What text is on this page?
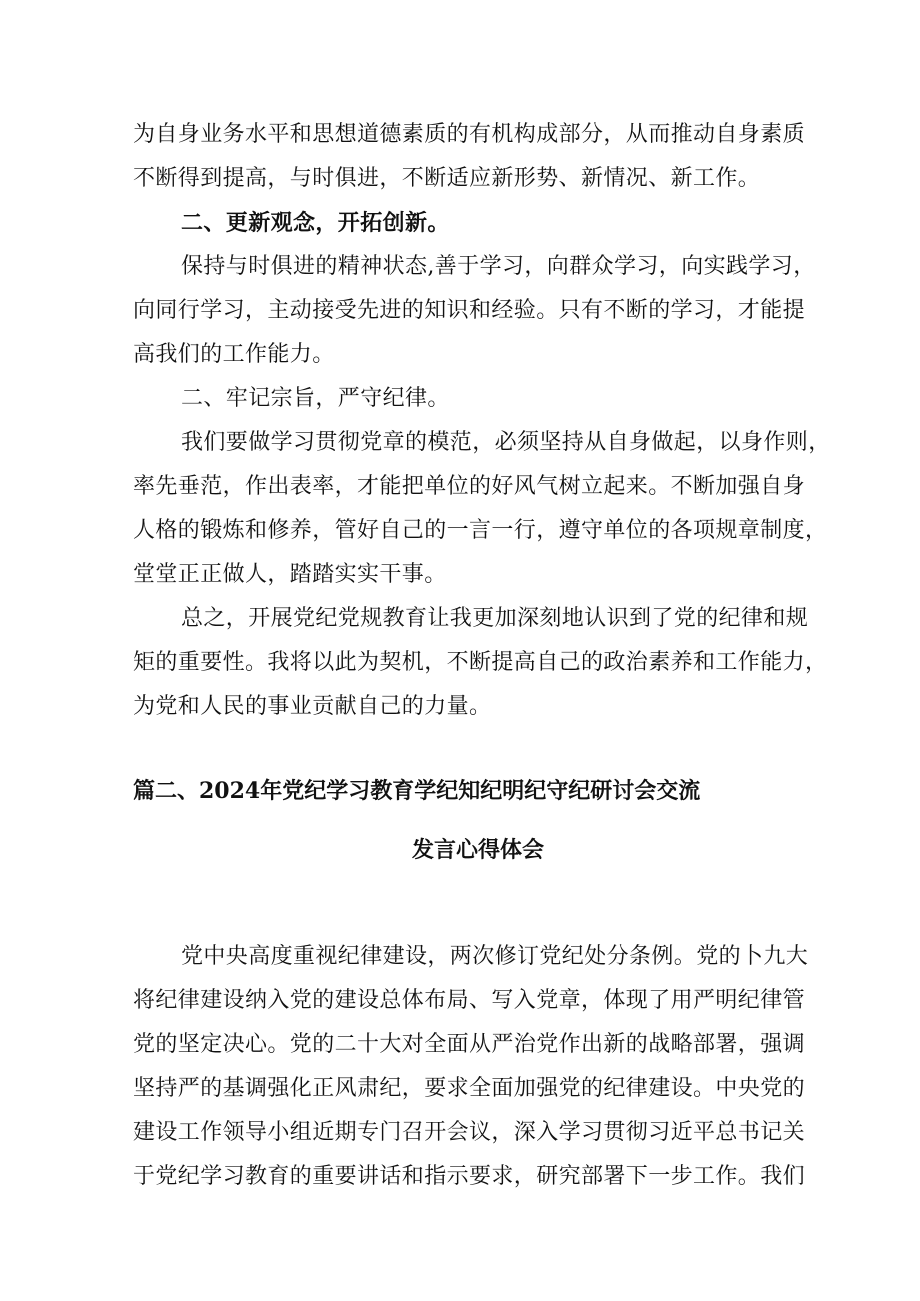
为自身业务水平和思想道德素质的有机构成部分，从而推动自身素质
不断得到提高，与时俱进，不断适应新形势、新情况、新工作。
二、更新观念，开拓创新。
保持与时俱进的精神状态,善于学习，向群众学习，向实践学习，
向同行学习，主动接受先进的知识和经验。只有不断的学习，才能提
高我们的工作能力。
二、牢记宗旨，严守纪律。
我们要做学习贯彻党章的模范，必须坚持从自身做起，以身作则，
率先垂范，作出表率，才能把单位的好风气树立起来。不断加强自身
人格的锻炼和修养，管好自己的一言一行，遵守单位的各项规章制度，
堂堂正正做人，踏踏实实干事。
总之，开展党纪党规教育让我更加深刻地认识到了党的纪律和规
矩的重要性。我将以此为契机，不断提高自己的政治素养和工作能力，
为党和人民的事业贡献自己的力量。
篇二、2024年党纪学习教育学纪知纪明纪守纪研讨会交流
发言心得体会
党中央高度重视纪律建设，两次修订党纪处分条例。党的卜九大
将纪律建设纳入党的建设总体布局、写入党章，体现了用严明纪律管
党的坚定决心。党的二十大对全面从严治党作出新的战略部署，强调
坚持严的基调强化正风肃纪，要求全面加强党的纪律建设。中央党的
建设工作领导小组近期专门召开会议，深入学习贯彻习近平总书记关
于党纪学习教育的重要讲话和指示要求，研究部署下一步工作。我们
